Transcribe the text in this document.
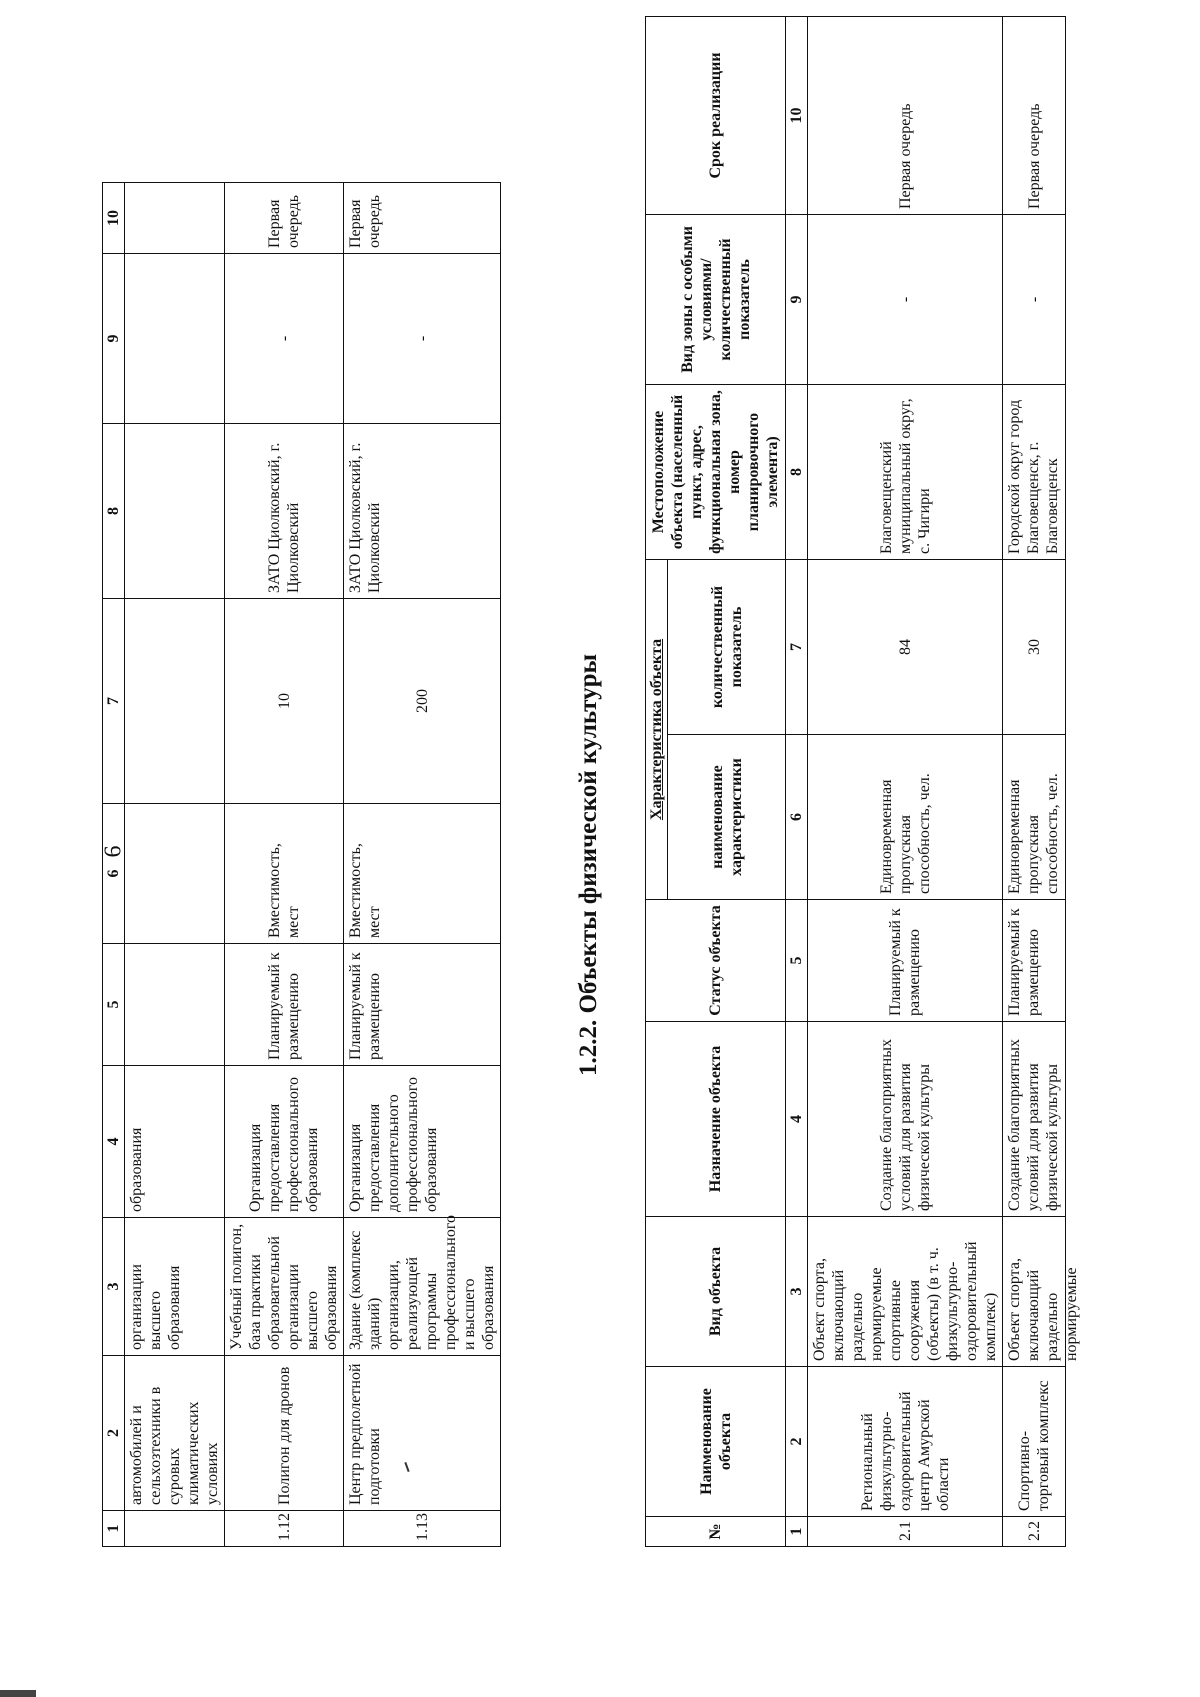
6
1	2	3	4	5	6	7	8	9	10
	автомобилей и сельхозтехники в суровых климатических условиях	организации высшего образования	образования						
1.12	Полигон для дронов	Учебный полигон, база практики образовательной организации высшего образования	Организация предоставления профессионального образования	Планируемый к размещению	Вместимость, мест	10	ЗАТО Циолковский, г. Циолковский	-	Первая очередь
1.13	Центр предполетной подготовки	Здание (комплекс зданий) организации, реализующей программы профессионального и высшего образования	Организация предоставления дополнительного профессионального образования	Планируемый к размещению	Вместимость, мест	200	ЗАТО Циолковский, г. Циолковский	-	Первая очередь
1.2.2. Объекты физической культуры
№	Наименование объекта	Вид объекта	Назначение объекта	Статус объекта	Характеристика объекта		Местоположение объекта (населенный пункт, адрес, функциональная зона, номер планировочного элемента)	Вид зоны с особыми условиями/ количественный показатель	Срок реализации
					наименование характеристики	количественный показатель			
1	2	3	4	5	6	7	8	9	10
2.1	Региональный физкультурно-оздоровительный центр Амурской области	Объект спорта, включающий раздельно нормируемые спортивные сооружения (объекты) (в т. ч. физкультурно-оздоровительный комплекс)	Создание благоприятных условий для развития физической культуры	Планируемый к размещению	Единовременная пропускная способность, чел.	84	Благовещенский муниципальный округ, с. Чигири	-	Первая очередь
2.2	Спортивно-торговый комплекс	Объект спорта, включающий раздельно нормируемые	Создание благоприятных условий для развития физической культуры	Планируемый к размещению	Единовременная пропускная способность, чел.	30	Городской округ город Благовещенск, г. Благовещенск	-	Первая очередь
